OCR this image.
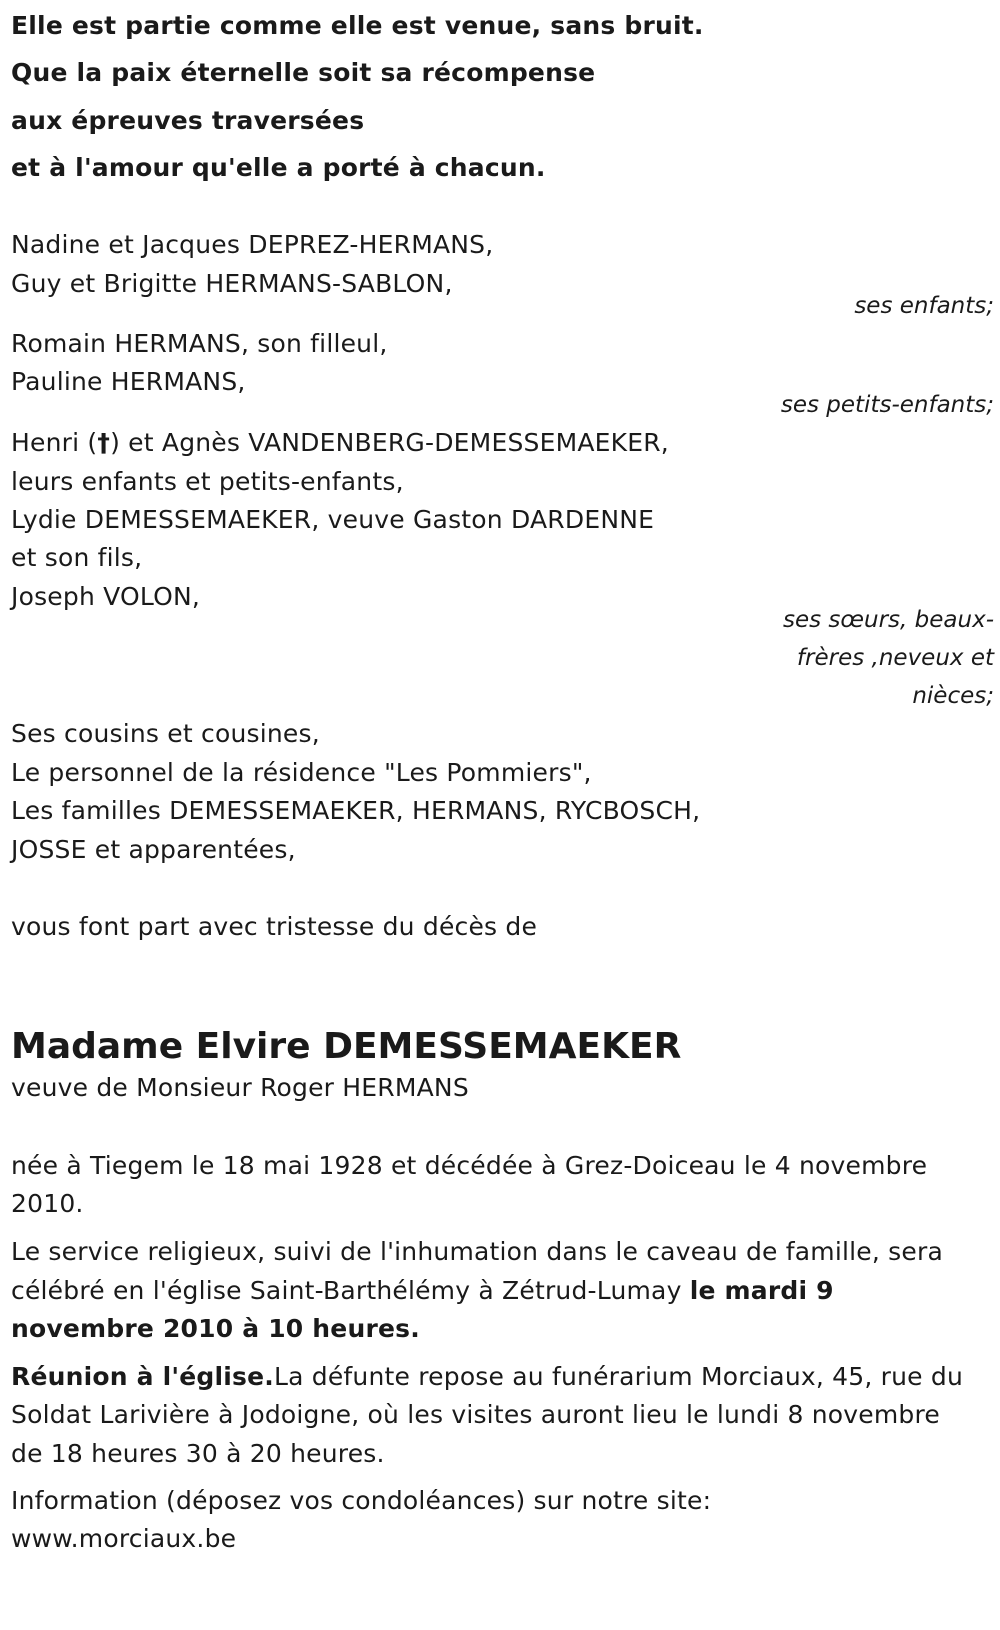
Elle est partie comme elle est venue, sans bruit.
Que la paix éternelle soit sa récompense
aux épreuves traversées
et à l'amour qu'elle a porté à chacun.
Nadine et Jacques DEPREZ-HERMANS,
Guy et Brigitte HERMANS-SABLON,
ses enfants;
Romain HERMANS, son filleul,
Pauline HERMANS,
ses petits-enfants;
Henri (†) et Agnès VANDENBERG-DEMESSEMAEKER,
leurs enfants et petits-enfants,
Lydie DEMESSEMAEKER, veuve Gaston DARDENNE
et son fils,
Joseph VOLON,
ses sœurs, beaux-
frères ,neveux et
nièces;
Ses cousins et cousines,
Le personnel de la résidence "Les Pommiers",
Les familles DEMESSEMAEKER, HERMANS, RYCBOSCH,
JOSSE et apparentées,
vous font part avec tristesse du décès de
Madame Elvire DEMESSEMAEKER
veuve de Monsieur Roger HERMANS
née à Tiegem le 18 mai 1928 et décédée à Grez-Doiceau le 4 novembre
2010.
Le service religieux, suivi de l'inhumation dans le caveau de famille, sera
célébré en l'église Saint-Barthélémy à Zétrud-Lumay le mardi 9
novembre 2010 à 10 heures.
Réunion à l'église.La défunte repose au funérarium Morciaux, 45, rue du
Soldat Larivière à Jodoigne, où les visites auront lieu le lundi 8 novembre
de 18 heures 30 à 20 heures.
Information (déposez vos condoléances) sur notre site:
www.morciaux.be
